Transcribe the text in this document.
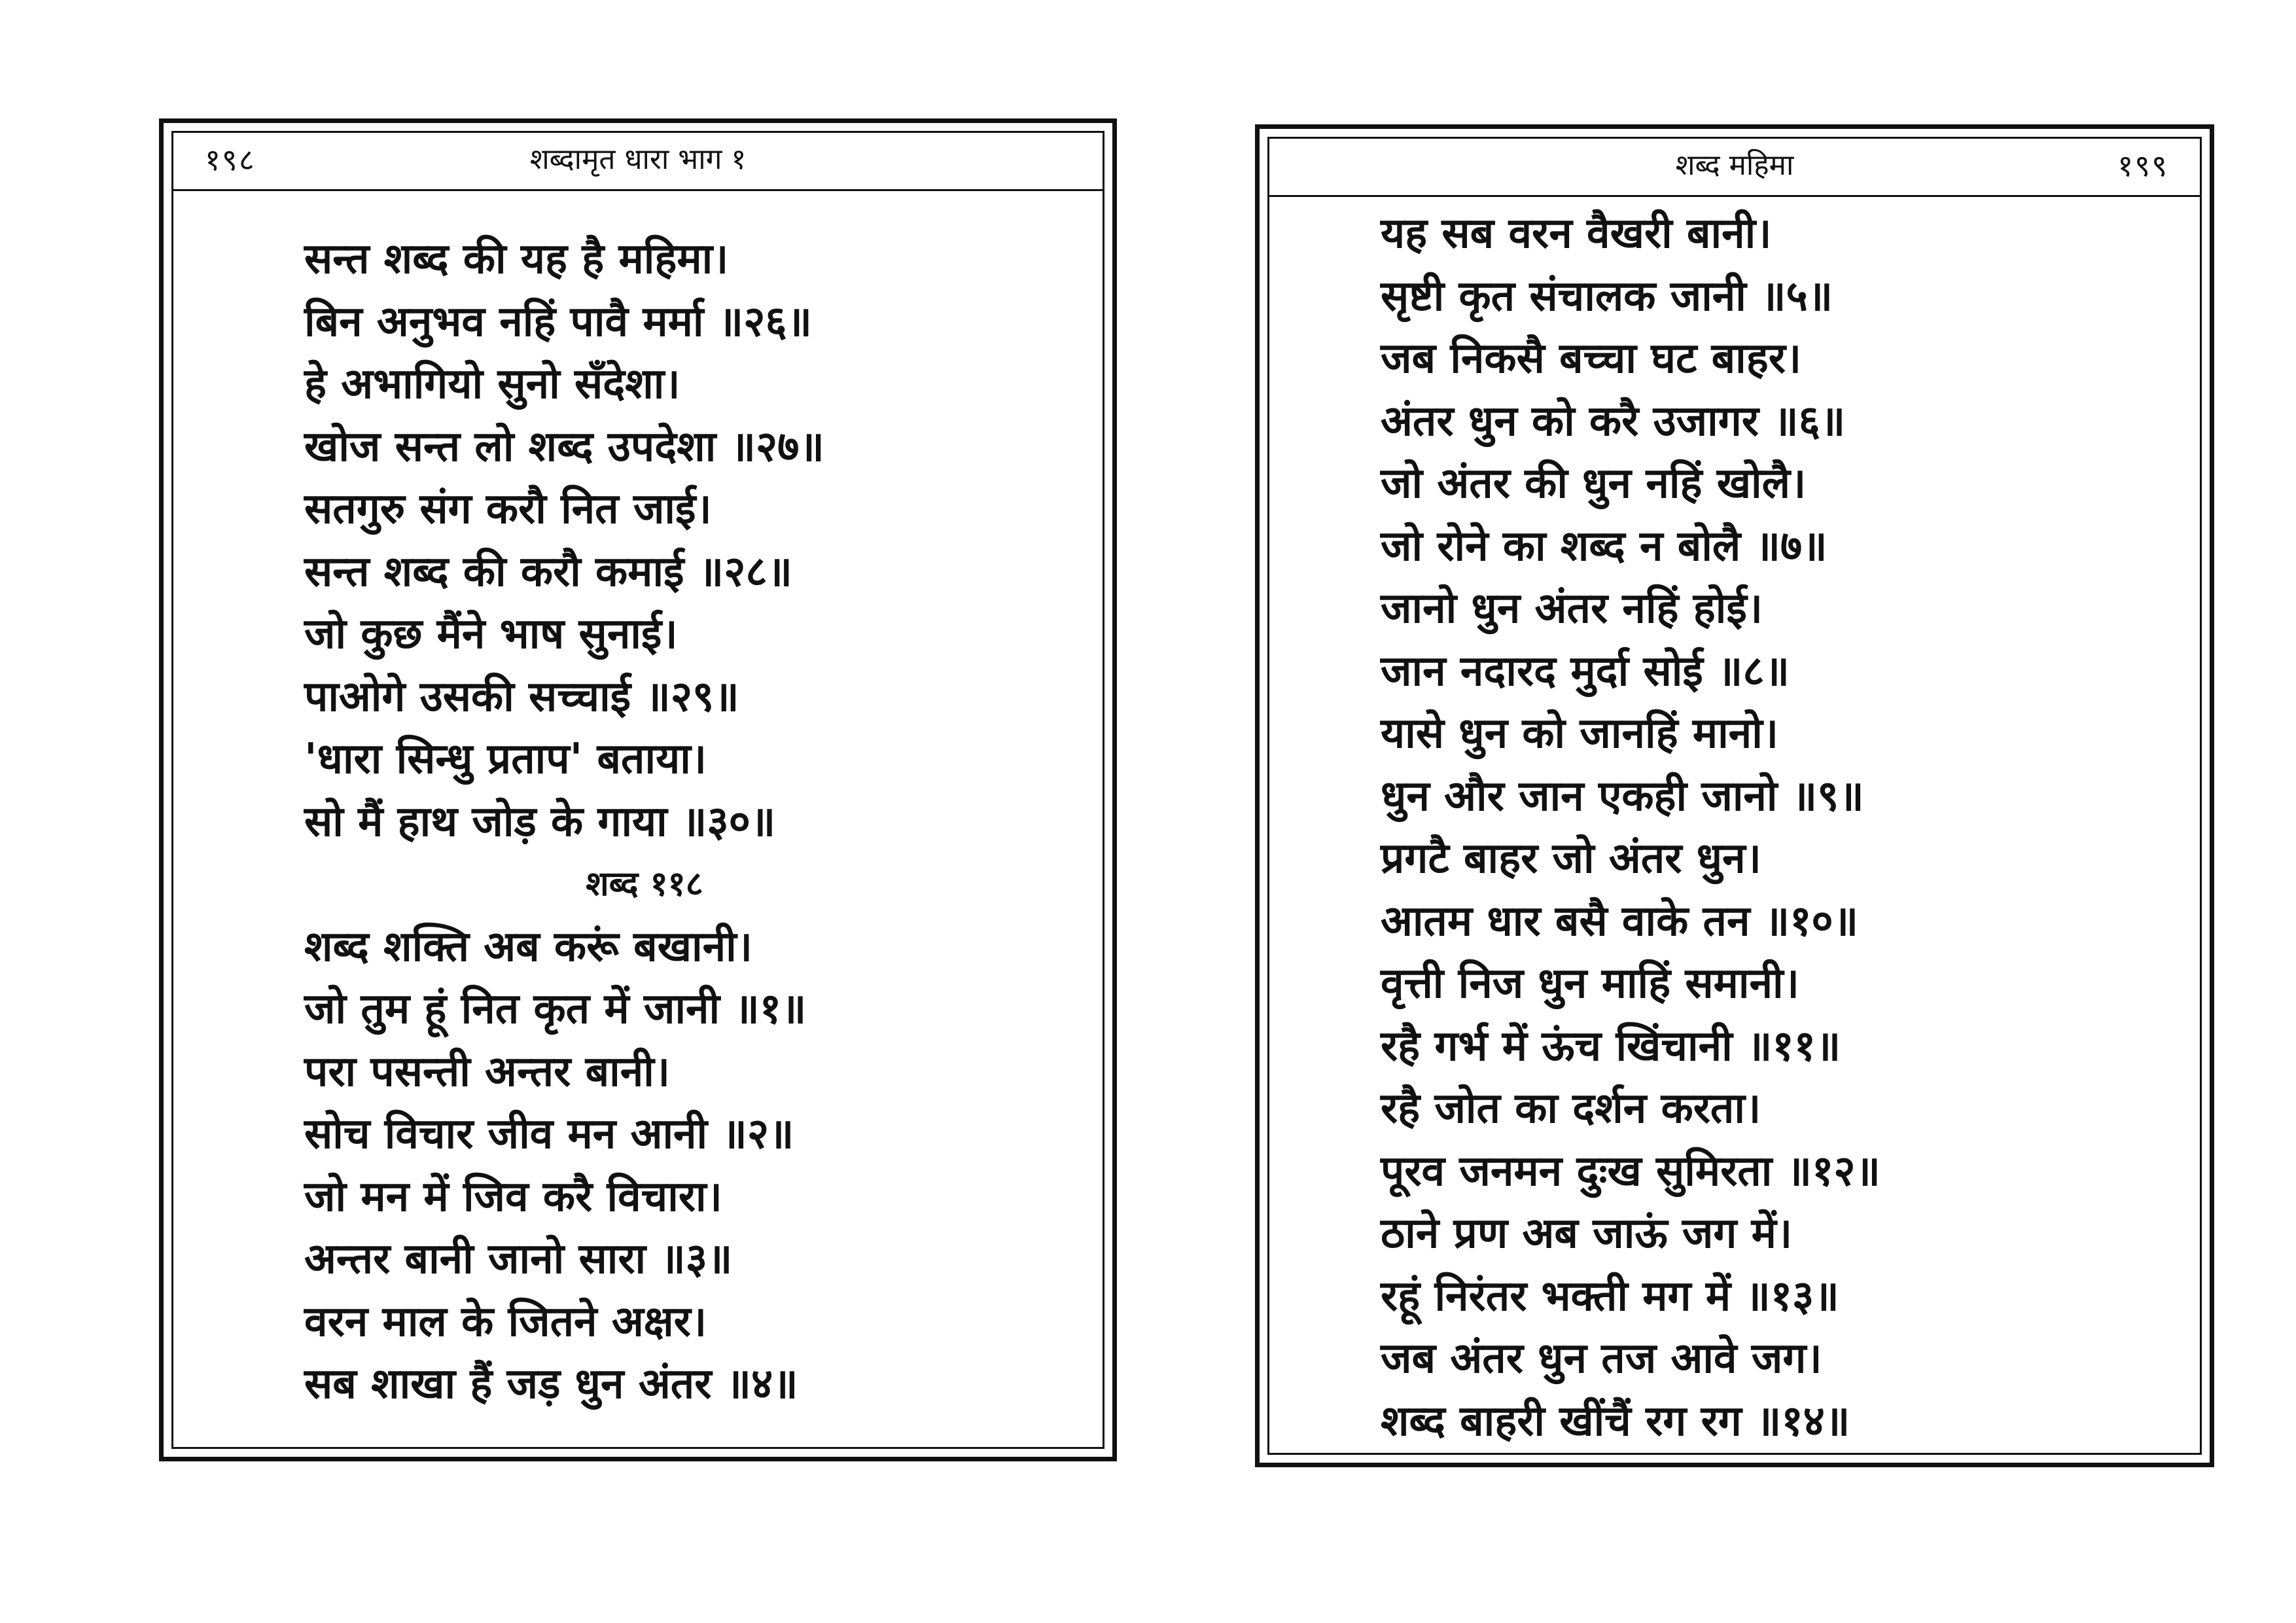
१९८	शब्दामृत धारा भाग १
सन्त शब्द की यह है महिमा।
बिन अनुभव नहिं पावै मर्मा ॥२६॥
हे अभागियो सुनो सँदेशा।
खोज सन्त लो शब्द उपदेशा ॥२७॥
सतगुरु संग करौ नित जाई।
सन्त शब्द की करौ कमाई ॥२८॥
जो कुछ मैंने भाष सुनाई।
पाओगे उसकी सच्चाई ॥२९॥
'धारा सिन्धु प्रताप' बताया।
सो मैं हाथ जोड़ के गाया ॥३०॥
शब्द ११८
शब्द शक्ति अब करूं बखानी।
जो तुम हूं नित कृत में जानी ॥१॥
परा पसन्ती अन्तर बानी।
सोच विचार जीव मन आनी ॥२॥
जो मन में जिव करै विचारा।
अन्तर बानी जानो सारा ॥३॥
वरन माल के जितने अक्षर।
सब शाखा हैं जड़ धुन अंतर ॥४॥
शब्द महिमा	१९९
यह सब वरन वैखरी बानी।
सृष्टी कृत संचालक जानी ॥५॥
जब निकसै बच्चा घट बाहर।
अंतर धुन को करै उजागर ॥६॥
जो अंतर की धुन नहिं खोलै।
जो रोने का शब्द न बोलै ॥७॥
जानो धुन अंतर नहिं होई।
जान नदारद मुर्दा सोई ॥८॥
यासे धुन को जानहिं मानो।
धुन और जान एकही जानो ॥९॥
प्रगटै बाहर जो अंतर धुन।
आतम धार बसै वाके तन ॥१०॥
वृत्ती निज धुन माहिं समानी।
रहै गर्भ में ऊंच खिंचानी ॥११॥
रहै जोत का दर्शन करता।
पूरव जनमन दुःख सुमिरता ॥१२॥
ठाने प्रण अब जाऊं जग में।
रहूं निरंतर भक्ती मग में ॥१३॥
जब अंतर धुन तज आवे जग।
शब्द बाहरी खींचैं रग रग ॥१४॥
